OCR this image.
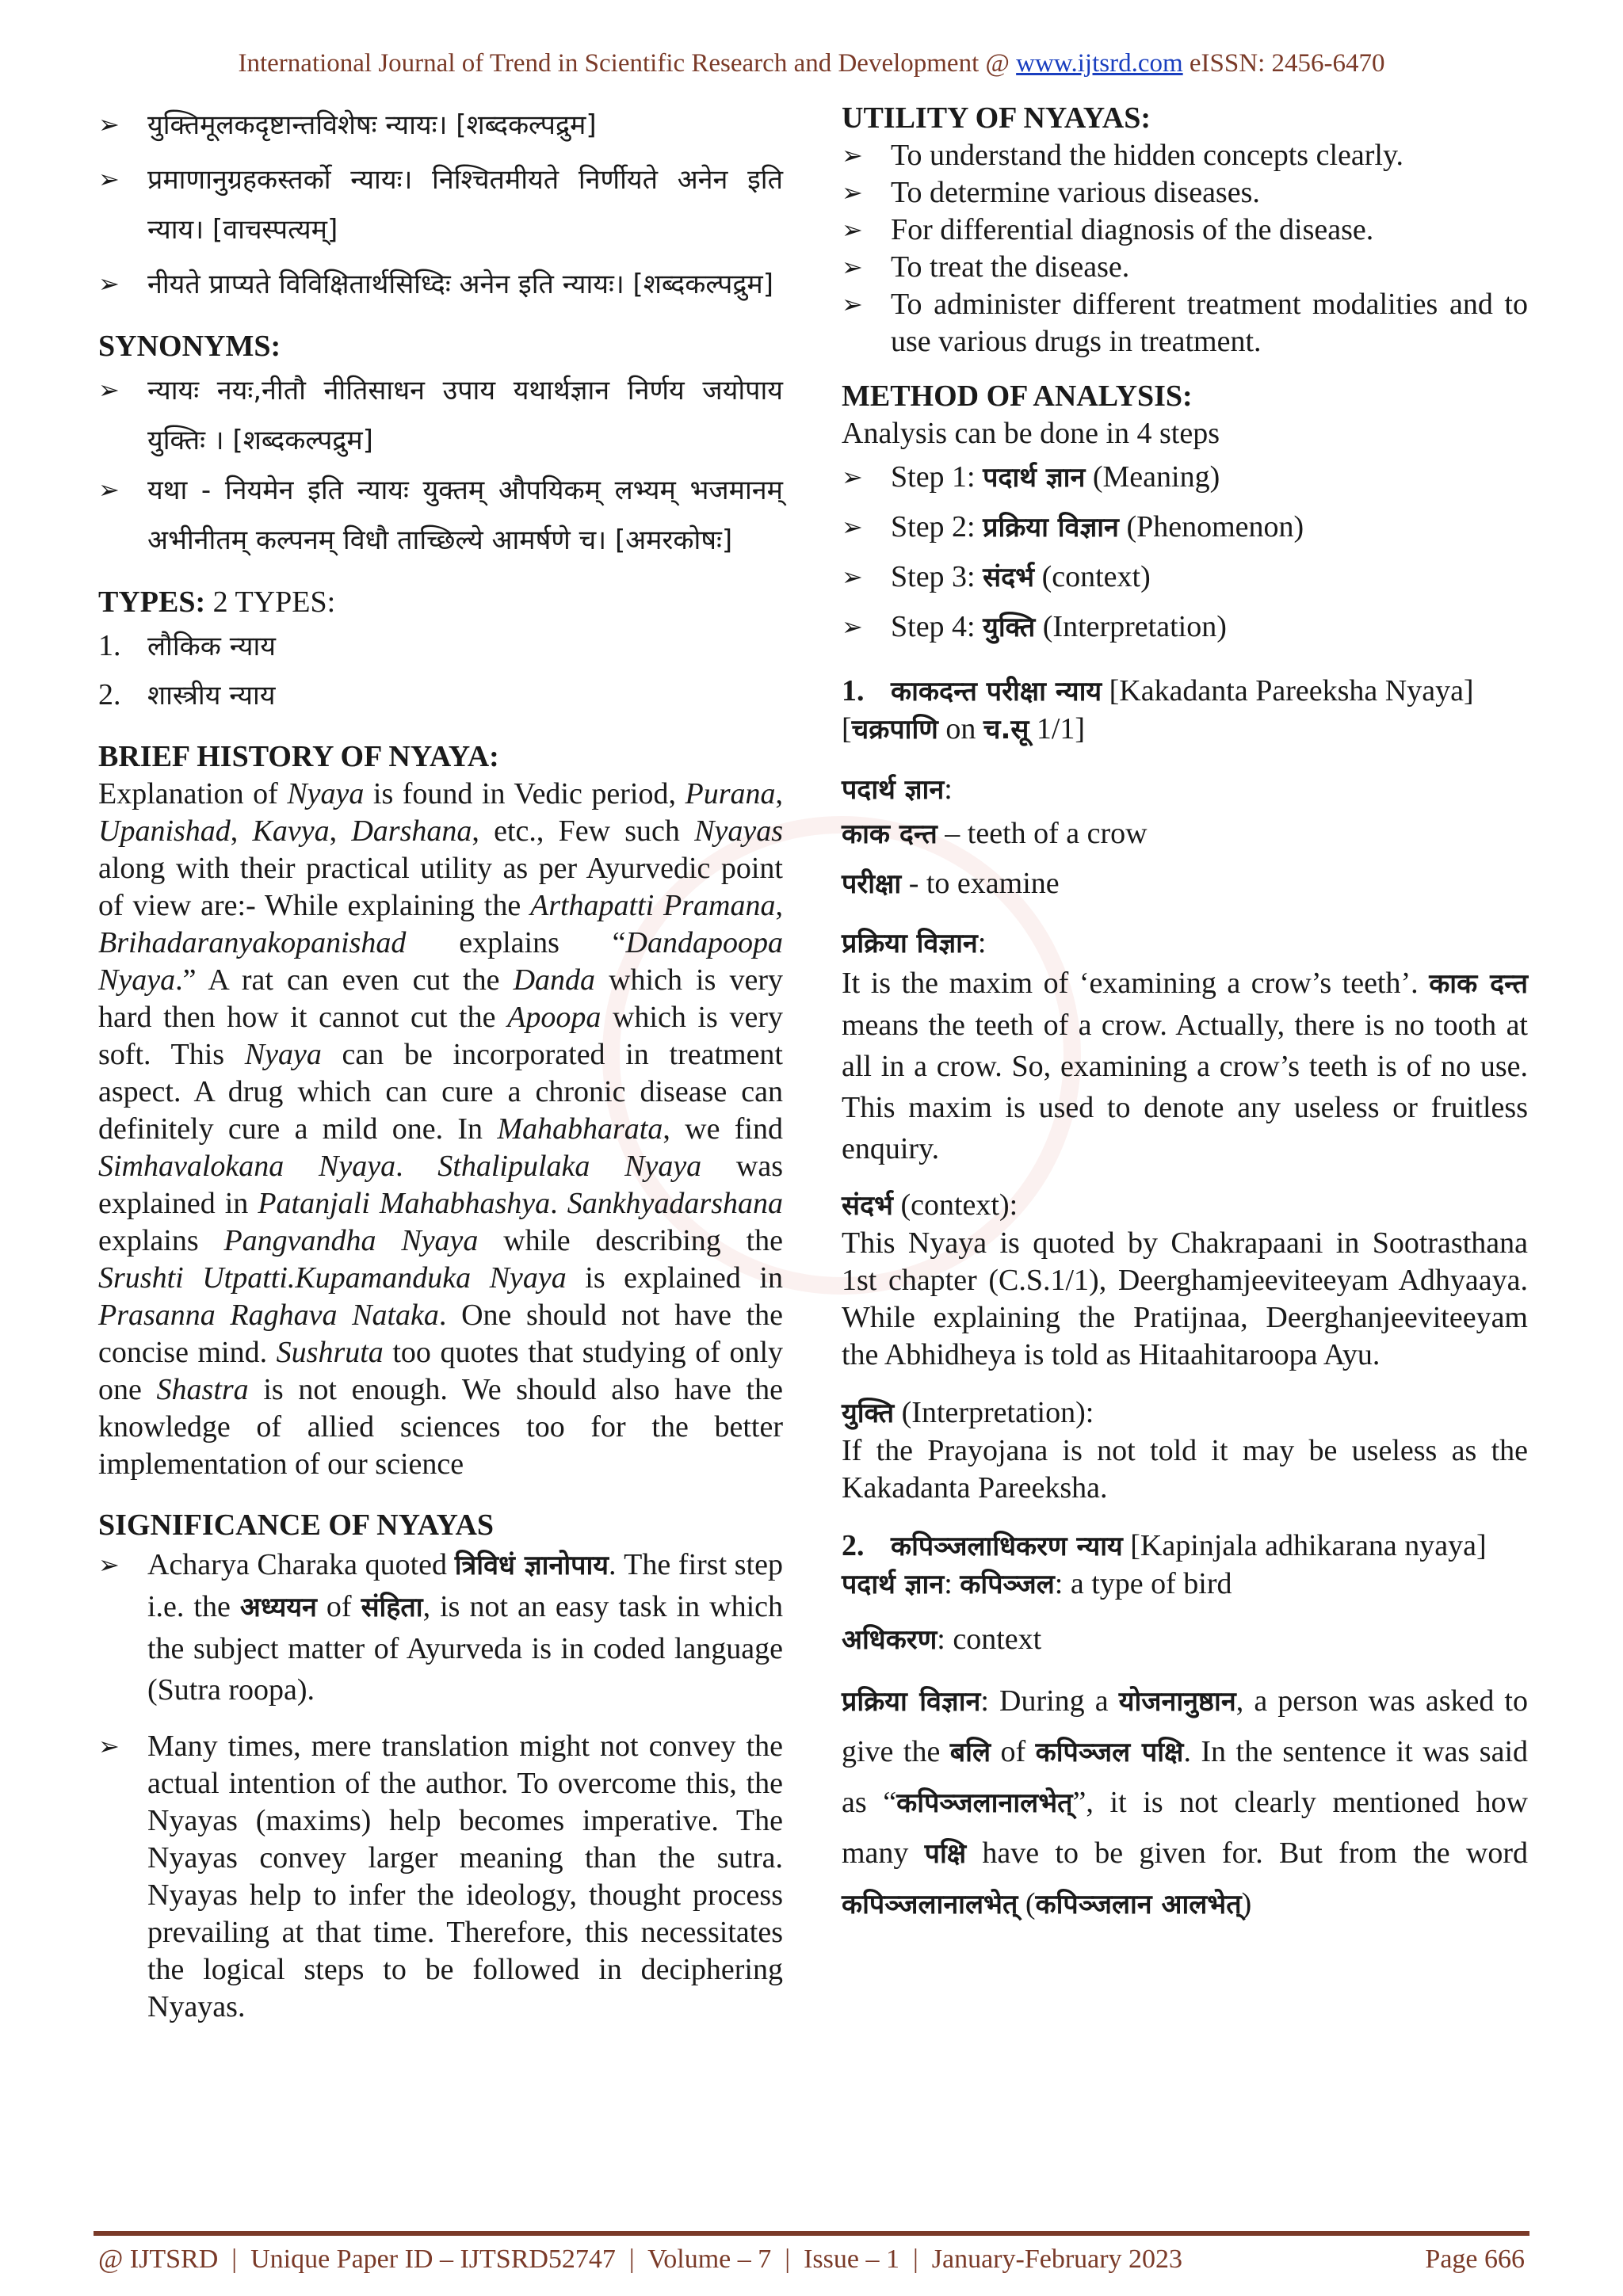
International Journal of Trend in Scientific Research and Development @ www.ijtsrd.com eISSN: 2456-6470
➢ युक्तिमूलकदृष्टान्तविशेषः न्यायः। [शब्दकल्पद्रुम]
➢ प्रमाणानुग्रहकस्तर्को न्यायः। निश्चितमीयते निर्णीयते अनेन इति न्याय। [वाचस्पत्यम्]
➢ नीयते प्राप्यते विविक्षितार्थसिध्दिः अनेन इति न्यायः। [शब्दकल्पद्रुम]

SYNONYMS:

➢ न्यायः नयः,नीतौ नीतिसाधन उपाय यथार्थज्ञान निर्णय जयोपाय युक्तिः । [शब्दकल्पद्रुम]
➢ यथा - नियमेन इति न्यायः युक्तम् औपयिकम् लभ्यम् भजमानम् अभीनीतम् कल्पनम् विधौ ताच्छिल्ये आमर्षणे च। [अमरकोषः]

TYPES: 2 TYPES:

1. लौकिक न्याय
2. शास्त्रीय न्याय

BRIEF HISTORY OF NYAYA:

Explanation of Nyaya is found in Vedic period, Purana, Upanishad, Kavya, Darshana, etc., Few such Nyayas along with their practical utility as per Ayurvedic point of view are:- While explaining the Arthapatti Pramana, Brihadaranyakopanishad explains “Dandapoopa Nyaya.” A rat can even cut the Danda which is very hard then how it cannot cut the Apoopa which is very soft. This Nyaya can be incorporated in treatment aspect. A drug which can cure a chronic disease can definitely cure a mild one. In Mahabharata, we find Simhavalokana Nyaya. Sthalipulaka Nyaya was explained in Patanjali Mahabhashya. Sankhyadarshana explains Pangvandha Nyaya while describing the Srushti Utpatti.Kupamanduka Nyaya is explained in Prasanna Raghava Nataka. One should not have the concise mind. Sushruta too quotes that studying of only one Shastra is not enough. We should also have the knowledge of allied sciences too for the better implementation of our science

SIGNIFICANCE OF NYAYAS

➢ Acharya Charaka quoted त्रिविधं ज्ञानोपाय. The first step i.e. the अध्ययन of संहिता, is not an easy task in which the subject matter of Ayurveda is in coded language (Sutra roopa).
➢ Many times, mere translation might not convey the actual intention of the author. To overcome this, the Nyayas (maxims) help becomes imperative. The Nyayas convey larger meaning than the sutra. Nyayas help to infer the ideology, thought process prevailing at that time. Therefore, this necessitates the logical steps to be followed in deciphering Nyayas.

UTILITY OF NYAYAS:

➢ To understand the hidden concepts clearly.
➢ To determine various diseases.
➢ For differential diagnosis of the disease.
➢ To treat the disease.
➢ To administer different treatment modalities and to use various drugs in treatment.

METHOD OF ANALYSIS:

Analysis can be done in 4 steps

➢ Step 1: पदार्थ ज्ञान (Meaning)
➢ Step 2: प्रक्रिया विज्ञान (Phenomenon)
➢ Step 3: संदर्भ (context)
➢ Step 4: युक्ति (Interpretation)
1. काकदन्त परीक्षा न्याय [Kakadanta Pareeksha Nyaya]

[चक्रपाणि on च.सू 1/1]

पदार्थ ज्ञान:

काक दन्त – teeth of a crow

परीक्षा - to examine

प्रक्रिया विज्ञान:

It is the maxim of ‘examining a crow’s teeth’. काक दन्त means the teeth of a crow. Actually, there is no tooth at all in a crow. So, examining a crow’s teeth is of no use. This maxim is used to denote any useless or fruitless enquiry.

संदर्भ (context):

This Nyaya is quoted by Chakrapaani in Sootrasthana 1st chapter (C.S.1/1), Deerghamjeeviteeyam Adhyaaya. While explaining the Pratijnaa, Deerghanjeeviteeyam the Abhidheya is told as Hitaahitaroopa Ayu.

युक्ति (Interpretation):

If the Prayojana is not told it may be useless as the Kakadanta Pareeksha.

2. कपिञ्जलाधिकरण न्याय [Kapinjala adhikarana nyaya]

पदार्थ ज्ञान: कपिञ्जल: a type of bird

अधिकरण: context

प्रक्रिया विज्ञान: During a योजनानुष्ठान, a person was asked to give the बलि of कपिञ्जल पक्षि. In the sentence it was said as “कपिञ्जलानालभेत्”, it is not clearly mentioned how many पक्षि have to be given for. But from the word कपिञ्जलानालभेत् (कपिञ्जलान आलभेत्)

@ IJTSRD  |  Unique Paper ID – IJTSRD52747  |  Volume – 7  |  Issue – 1  |  January-February 2023	Page 666
